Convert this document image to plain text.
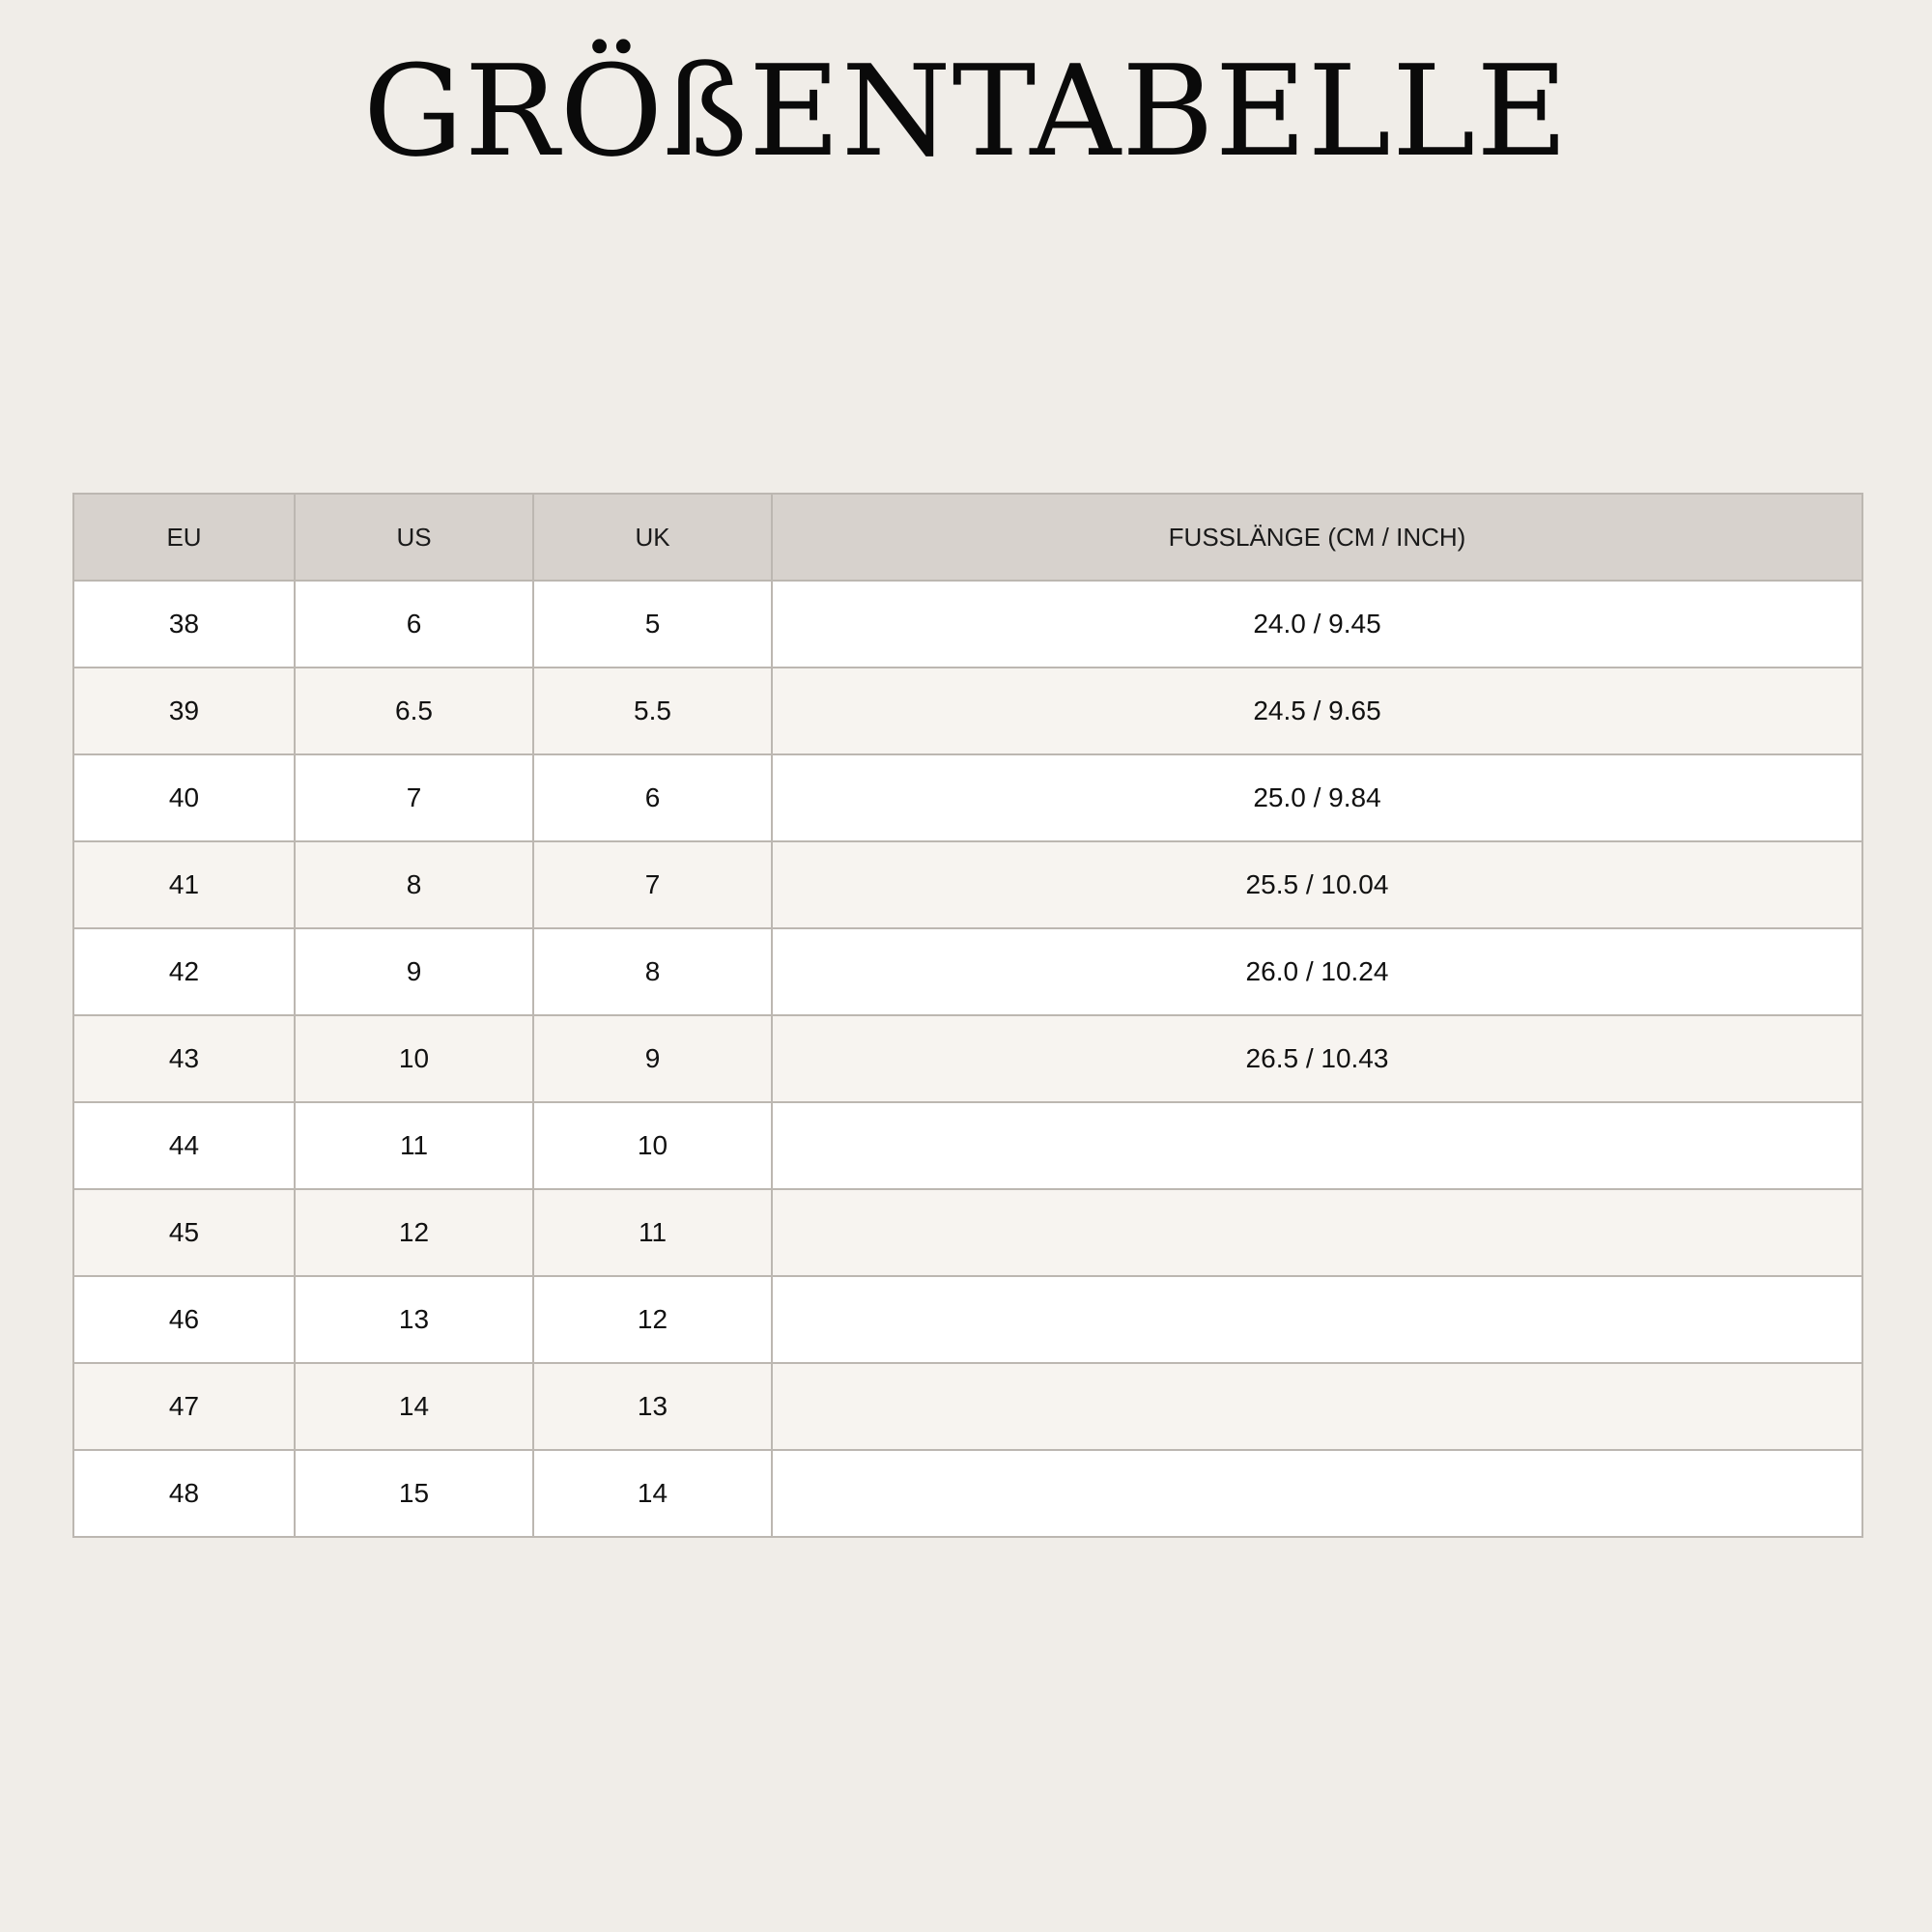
GRÖßENTABELLE
EU	US	UK	FUSSLÄNGE (CM / INCH)
38	6	5	24.0 / 9.45
39	6.5	5.5	24.5 / 9.65
40	7	6	25.0 / 9.84
41	8	7	25.5 / 10.04
42	9	8	26.0 / 10.24
43	10	9	26.5 / 10.43
44	11	10	
45	12	11	
46	13	12	
47	14	13	
48	15	14	
